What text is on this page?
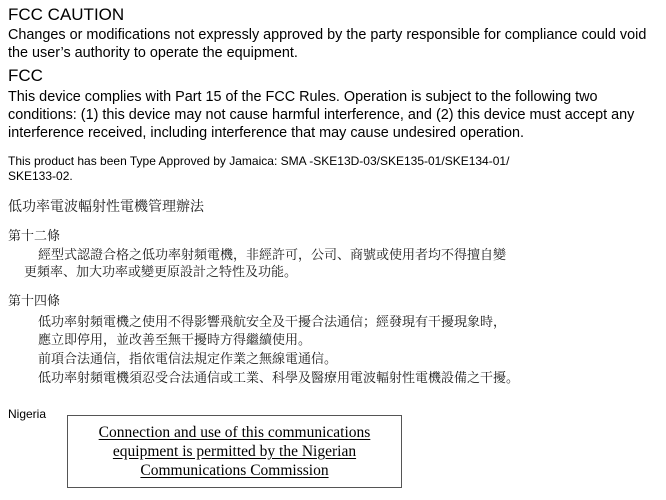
FCC CAUTION
Changes or modifications not expressly approved by the party responsible for compliance could void the user’s authority to operate the equipment.
FCC
This device complies with Part 15 of the FCC Rules. Operation is subject to the following two conditions: (1) this device may not cause harmful interference, and (2) this device must accept any interference received, including interference that may cause undesired operation.
This product has been Type Approved by Jamaica: SMA -SKE13D-03/SKE135-01/SKE134-01/
SKE133-02.
低功率電波輻射性電機管理辦法
第十二條
經型式認證合格之低功率射頻電機，非經許可，公司、商號或使用者均不得擅自變
更頻率、加大功率或變更原設計之特性及功能。
第十四條
低功率射頻電機之使用不得影響飛航安全及干擾合法通信；經發現有干擾現象時，
應立即停用，並改善至無干擾時方得繼續使用。
前項合法通信，指依電信法規定作業之無線電通信。
低功率射頻電機須忍受合法通信或工業、科學及醫療用電波輻射性電機設備之干擾。
Nigeria
Connection and use of this communications
equipment is permitted by the Nigerian
Communications Commission
